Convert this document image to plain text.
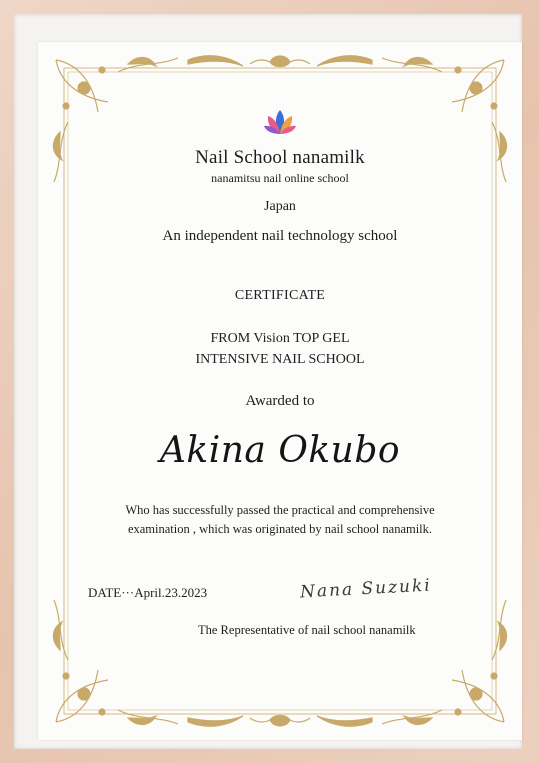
Nail School nanamilk
nanamitsu nail online school
Japan
An independent nail technology school
CERTIFICATE
FROM Vision TOP GEL
INTENSIVE NAIL SCHOOL
Awarded to
Akina Okubo
Who has successfully passed the practical and comprehensive
examination , which was originated by nail school nanamilk.
DATE···April.23.2023	Nana Suzuki
The Representative of nail school nanamilk
